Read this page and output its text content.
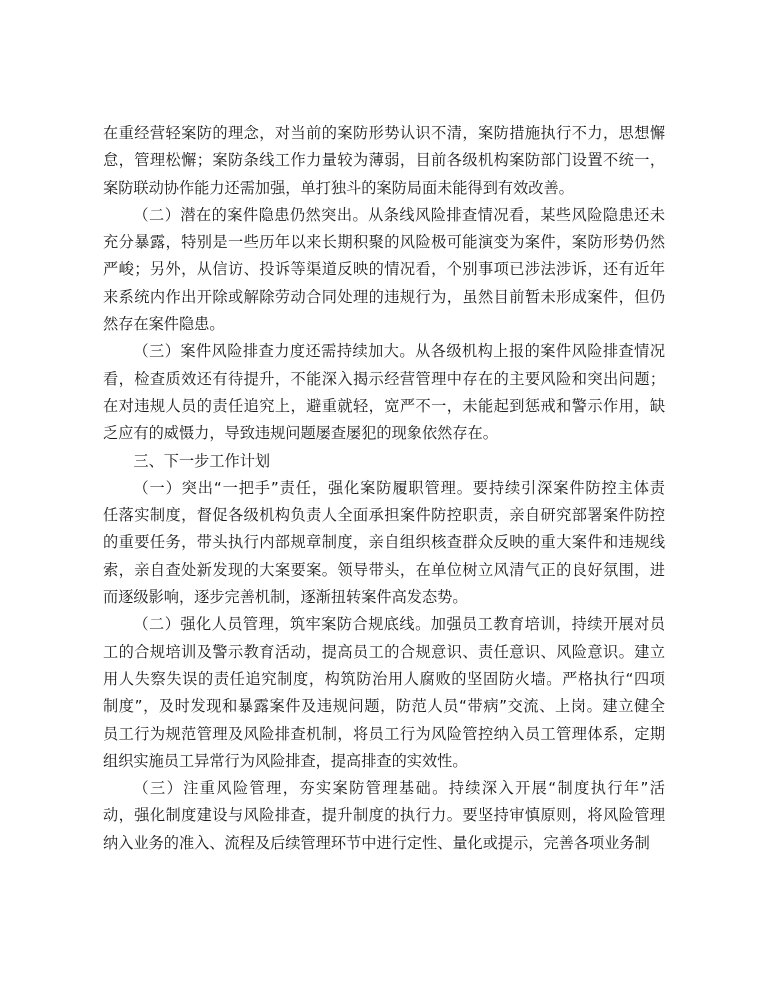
在重经营轻案防的理念，对当前的案防形势认识不清，案防措施执行不力，思想懈

怠，管理松懈；案防条线工作力量较为薄弱，目前各级机构案防部门设置不统一，

案防联动协作能力还需加强，单打独斗的案防局面未能得到有效改善。

（二）潜在的案件隐患仍然突出。从条线风险排查情况看，某些风险隐患还未

充分暴露，特别是一些历年以来长期积聚的风险极可能演变为案件，案防形势仍然

严峻；另外，从信访、投诉等渠道反映的情况看，个别事项已涉法涉诉，还有近年

来系统内作出开除或解除劳动合同处理的违规行为，虽然目前暂未形成案件，但仍

然存在案件隐患。

（三）案件风险排查力度还需持续加大。从各级机构上报的案件风险排查情况

看，检查质效还有待提升，不能深入揭示经营管理中存在的主要风险和突出问题；

在对违规人员的责任追究上，避重就轻，宽严不一，未能起到惩戒和警示作用，缺

乏应有的威慑力，导致违规问题屡查屡犯的现象依然存在。

三、下一步工作计划

（一）突出“一把手”责任，强化案防履职管理。要持续引深案件防控主体责

任落实制度，督促各级机构负责人全面承担案件防控职责，亲自研究部署案件防控

的重要任务，带头执行内部规章制度，亲自组织核查群众反映的重大案件和违规线

索，亲自查处新发现的大案要案。领导带头，在单位树立风清气正的良好氛围，进

而逐级影响，逐步完善机制，逐渐扭转案件高发态势。

（二）强化人员管理，筑牢案防合规底线。加强员工教育培训，持续开展对员

工的合规培训及警示教育活动，提高员工的合规意识、责任意识、风险意识。建立

用人失察失误的责任追究制度，构筑防治用人腐败的坚固防火墙。严格执行“四项

制度”，及时发现和暴露案件及违规问题，防范人员“带病”交流、上岗。建立健全

员工行为规范管理及风险排查机制，将员工行为风险管控纳入员工管理体系，定期

组织实施员工异常行为风险排查，提高排查的实效性。

（三）注重风险管理，夯实案防管理基础。持续深入开展“制度执行年”活

动，强化制度建设与风险排查，提升制度的执行力。要坚持审慎原则，将风险管理

纳入业务的准入、流程及后续管理环节中进行定性、量化或提示，完善各项业务制
